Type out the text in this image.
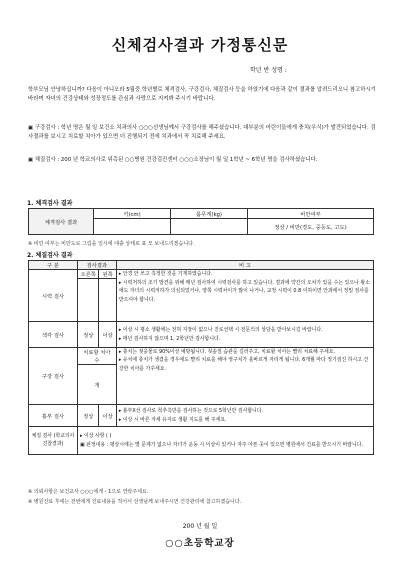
신체검사결과 가정통신문
학년 반 성명 :
학부모님 안녕하십니까? 다음이 아니오라 5월중 학년별로 체격검사, 구강검사, 체질검사 등을 하였기에 다음과 같이 결과를 알려드리오니 참고하시기 바라며 자녀의 건강상태와 성장정도를 관심과 사랑으로 지켜봐 주시기 바랍니다.
▣ 구강검사 : 학년 명은 월 일 보건소 치과의사 ○○○선생님께서 구강검사를 해주셨습니다. 대부분의 어린이들에게 충치(우식)가 발견되었습니다. 검사결과를 보시고 치료할 치아가 있으면 더 진행되기 전에 치과에서 꼭 치료해 주세요.
▣ 체질검사 : 200 년 학교의사로 위촉된 ○○병원 건강검진센터 ○○○소장님이 월 일 1학년 ~ 6학년 명을 검사하셨습니다.
1. 체격검사 결과
체격검사 결과	키(cm)	몸무게(kg)	비만여부
			정상 / 비만(경도, 중등도, 고도)
※ 비만 여부는 비만도로 그림을 일시에 대출 상태로 표 모 보내드리겠습니다.
2. 체질검사 결과
구 분	검사결과		비 고
시력 검사	오른쪽	왼쪽	▸ 안경 안 쓰고 측정한 것을 기재하였습니다.
▸ 시력저하의 조기 발견을 위해 매년 검사하여 시력검사를 하고 있습니다. 결과에 약간의 오차가 있을 수는 있으나 왕소에도 자녀의 시력저하가 의심되었거나, 양쪽 시력차이가 많이 나거나, 교정 시력이 0.8 이하이면 안과에서 정밀 검사를 받으셔야 합니다.

색각 검사	정상	이상	▸ 이상 시 평소 생활에는 전혀 지장이 없으나 진로선택 시 전문의의 상담을 받아보시길 바랍니다.
▸ 매년 검사하지 않으며 1, 2학년만 검사합니다.

구강 검사	치료할 치아 수		▸ 충치는 젖을물로 90%이상 예방됩니다. 칫솔질 습관을 길러주고, 치료할 치아는 빨리 치료해 주세요.
▸ 유치에 충치가 생겼을 경우에도 빨리 치료를 해야 영구치가 올바르게 자라게 됩니다. 6개월 마다 정기검진 하시고 건강한 치아를 가꾸세요.

	개		
흉부 검사	정상	이상	▸ 흉부X선 검사로 척추측만을 검사하는 것으로 5학년만 검사합니다.
▸ 이상 시 바른 자세 유지로 생활 지도를 해 주세요.

체질 검사 (학교의사 진찰결과)	▸ 이상 사항 ( )
▣ 판정내용 : 평상시에는 별 문제가 없으나 자녀가 운동 시 이상이 있거나 자주 아픈 곳이 있으면 병원에서 진료를 받으시기 바랍니다.		
※ 의뢰사항은 보건교사 ○○○에게 - 1으로 연락주세요.
※ 병원진료 후에는 전번에게 진료내용을 적어서 선생님께 보내주시면 건강관리에 참고하겠습니다.
200 년 월 일
○○초등학교장
